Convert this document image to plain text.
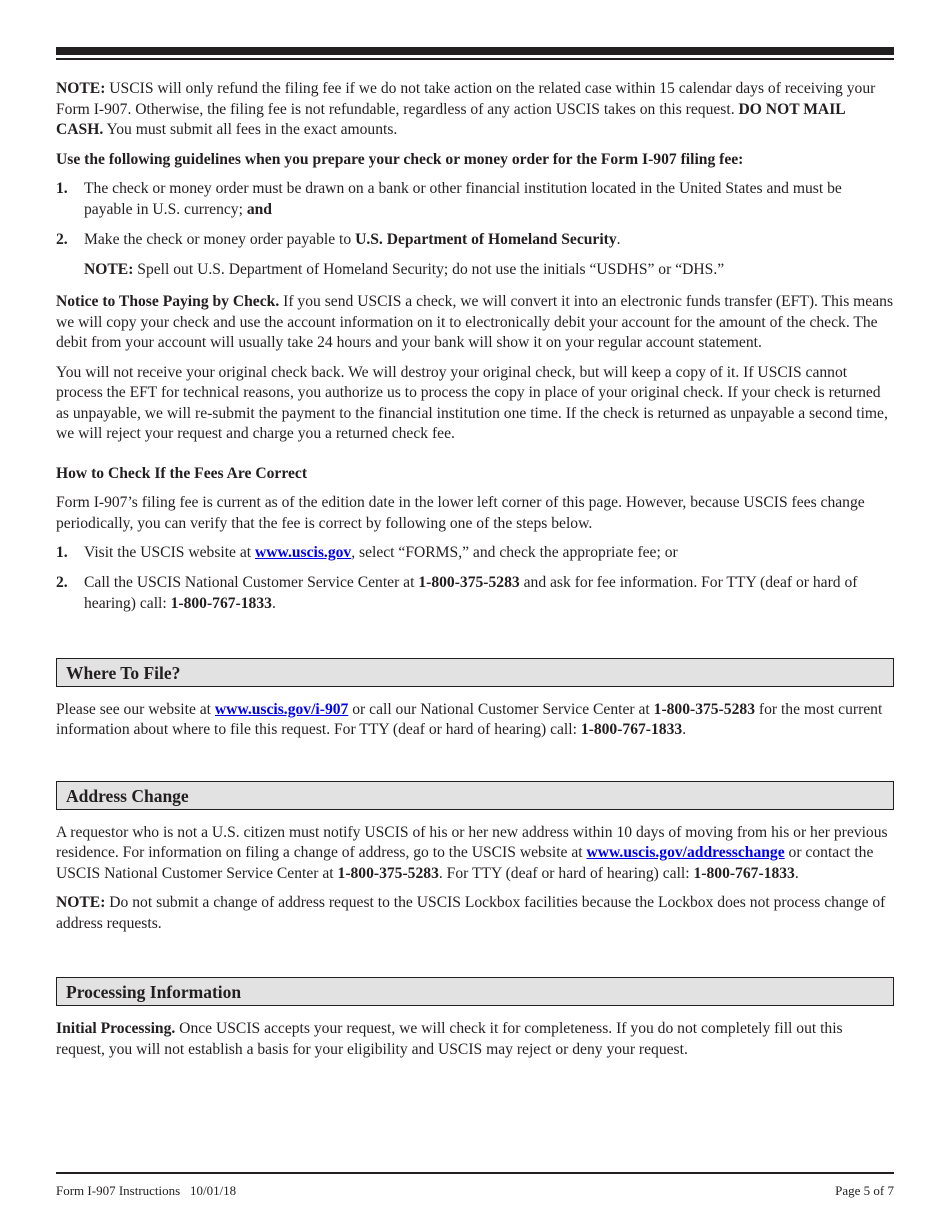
NOTE: USCIS will only refund the filing fee if we do not take action on the related case within 15 calendar days of receiving your Form I-907. Otherwise, the filing fee is not refundable, regardless of any action USCIS takes on this request. DO NOT MAIL CASH. You must submit all fees in the exact amounts.

Use the following guidelines when you prepare your check or money order for the Form I-907 filing fee:

1.	The check or money order must be drawn on a bank or other financial institution located in the United States and must be payable in U.S. currency; and
2.	Make the check or money order payable to U.S. Department of Homeland Security.

NOTE: Spell out U.S. Department of Homeland Security; do not use the initials “USDHS” or “DHS.”

Notice to Those Paying by Check. If you send USCIS a check, we will convert it into an electronic funds transfer (EFT). This means we will copy your check and use the account information on it to electronically debit your account for the amount of the check. The debit from your account will usually take 24 hours and your bank will show it on your regular account statement.

You will not receive your original check back. We will destroy your original check, but will keep a copy of it. If USCIS cannot process the EFT for technical reasons, you authorize us to process the copy in place of your original check. If your check is returned as unpayable, we will re-submit the payment to the financial institution one time. If the check is returned as unpayable a second time, we will reject your request and charge you a returned check fee.

How to Check If the Fees Are Correct

Form I-907’s filing fee is current as of the edition date in the lower left corner of this page. However, because USCIS fees change periodically, you can verify that the fee is correct by following one of the steps below.

1.	Visit the USCIS website at www.uscis.gov, select “FORMS,” and check the appropriate fee; or
2.	Call the USCIS National Customer Service Center at 1-800-375-5283 and ask for fee information. For TTY (deaf or hard of hearing) call: 1-800-767-1833.
Where To File?

Please see our website at www.uscis.gov/i-907 or call our National Customer Service Center at 1-800-375-5283 for the most current information about where to file this request. For TTY (deaf or hard of hearing) call: 1-800-767-1833.

Address Change

A requestor who is not a U.S. citizen must notify USCIS of his or her new address within 10 days of moving from his or her previous residence. For information on filing a change of address, go to the USCIS website at www.uscis.gov/addresschange or contact the USCIS National Customer Service Center at 1-800-375-5283. For TTY (deaf or hard of hearing) call: 1-800-767-1833.

NOTE: Do not submit a change of address request to the USCIS Lockbox facilities because the Lockbox does not process change of address requests.

Processing Information

Initial Processing. Once USCIS accepts your request, we will check it for completeness. If you do not completely fill out this request, you will not establish a basis for your eligibility and USCIS may reject or deny your request.

Form I-907 Instructions   10/01/18	Page 5 of 7
